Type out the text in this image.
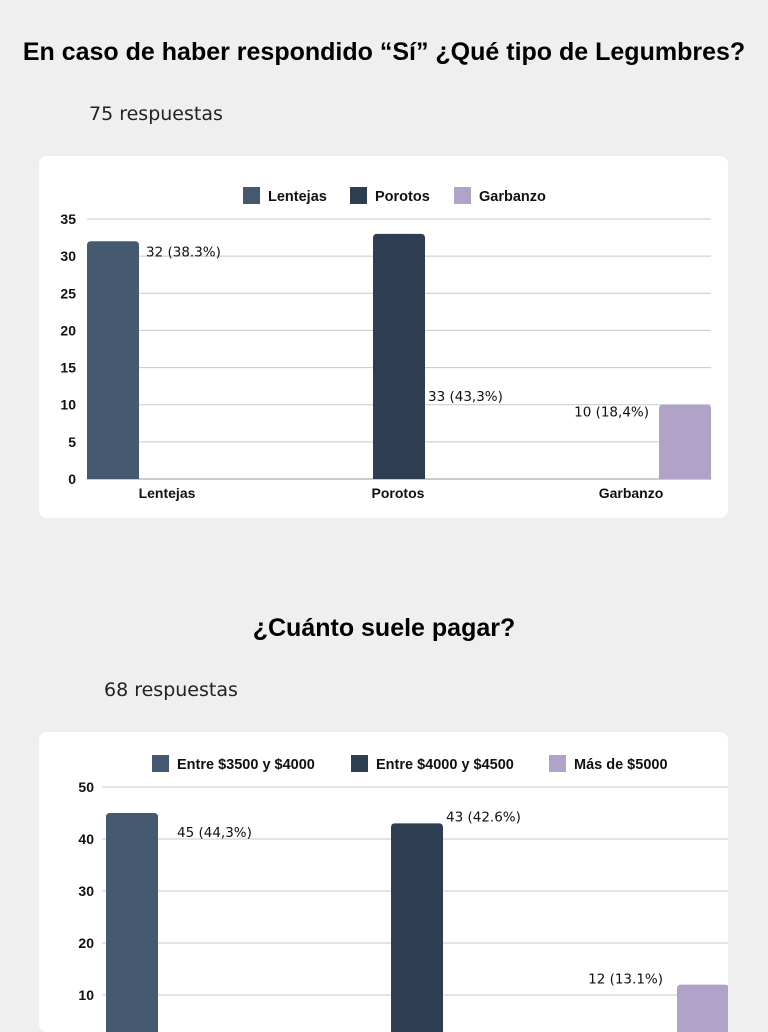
En caso de haber respondido “Sí” ¿Qué tipo de Legumbres?

75 respuestas

0
5
10
15
20
25
30
35
Lentejas	Porotos	Garbanzo
32 (38.3%)
33 (43,3%)
10 (18,4%)
Lentejas	Porotos	Garbanzo
¿Cuánto suele pagar?

68 respuestas

10
20
30
40
50
Entre $3500 y $4000	Entre $4000 y $4500	Más de $5000
45 (44,3%)
43 (42.6%)
12 (13.1%)
